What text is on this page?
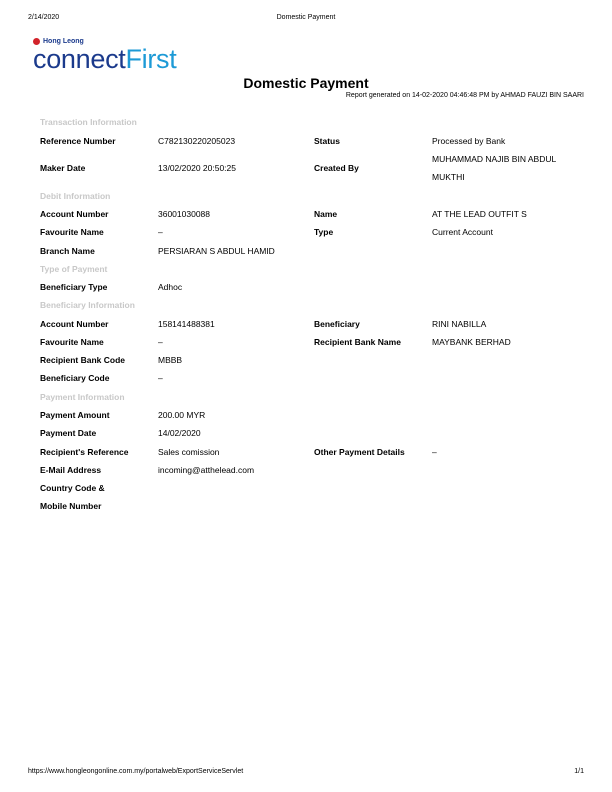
2/14/2020	Domestic Payment
Hong Leong
connectFirst
Domestic Payment
Report generated on 14-02-2020 04:46:48 PM by AHMAD FAUZI BIN SAARI
Transaction Information
Reference Number	C782130220205023	Status	Processed by Bank
Maker Date	13/02/2020 20:50:25	Created By
MUHAMMAD NAJIB BIN ABDUL
MUKTHI
Debit Information
Account Number	36001030088	Name	AT THE LEAD OUTFIT S
Favourite Name	–	Type	Current Account
Branch Name	PERSIARAN S ABDUL HAMID
Type of Payment
Beneficiary Type	Adhoc
Beneficiary Information
Account Number	158141488381	Beneficiary	RINI NABILLA
Favourite Name	–	Recipient Bank Name	MAYBANK BERHAD
Recipient Bank Code	MBBB
Beneficiary Code	–
Payment Information
Payment Amount	200.00 MYR
Payment Date	14/02/2020
Recipient's Reference	Sales comission	Other Payment Details	–
E-Mail Address	incoming@atthelead.com
Country Code &
Mobile Number
https://www.hongleongonline.com.my/portalweb/ExportServiceServlet	1/1
